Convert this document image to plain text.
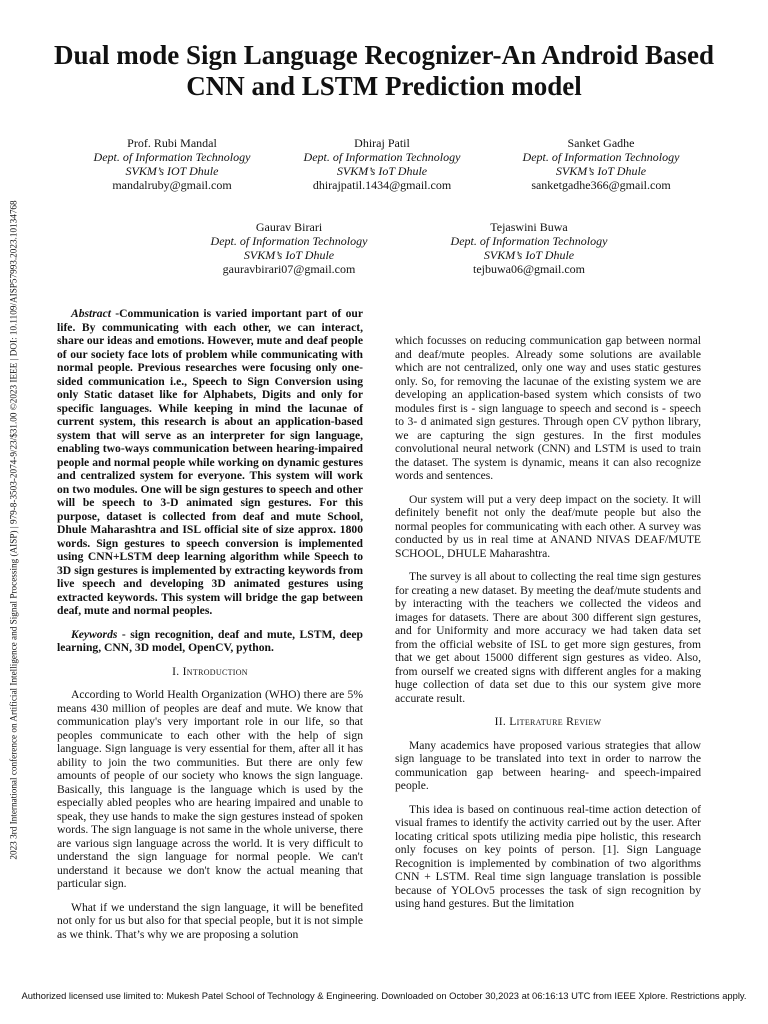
2023 3rd International conference on Artificial Intelligence and Signal Processing (AISP) | 979-8-3503-2074-9/23/$31.00 ©2023 IEEE | DOI: 10.1109/AISP57993.2023.10134768
Dual mode Sign Language Recognizer-An Android Based CNN and LSTM Prediction model
Prof. Rubi Mandal
Dept. of Information Technology
SVKM’s IOT Dhule
mandalruby@gmail.com
Dhiraj Patil
Dept. of Information Technology
SVKM’s IoT Dhule
dhirajpatil.1434@gmail.com
Sanket Gadhe
Dept. of Information Technology
SVKM’s IoT Dhule
sanketgadhe366@gmail.com
Gaurav Birari
Dept. of Information Technology
SVKM’s IoT Dhule
gauravbirari07@gmail.com
Tejaswini Buwa
Dept. of Information Technology
SVKM’s IoT Dhule
tejbuwa06@gmail.com

Abstract -Communication is varied important part of our life. By communicating with each other, we can interact, share our ideas and emotions. However, mute and deaf people of our society face lots of problem while communicating with normal people. Previous researches were focusing only one-sided communication i.e., Speech to Sign Conversion using only Static dataset like for Alphabets, Digits and only for specific languages. While keeping in mind the lacunae of current system, this research is about an application-based system that will serve as an interpreter for sign language, enabling two-ways communication between hearing-impaired people and normal people while working on dynamic gestures and centralized system for everyone. This system will work on two modules. One will be sign gestures to speech and other will be speech to 3-D animated sign gestures. For this purpose, dataset is collected from deaf and mute School, Dhule Maharashtra and ISL official site of size approx. 1800 words. Sign gestures to speech conversion is implemented using CNN+LSTM deep learning algorithm while Speech to 3D sign gestures is implemented by extracting keywords from live speech and developing 3D animated gestures using extracted keywords. This system will bridge the gap between deaf, mute and normal peoples.

Keywords - sign recognition, deaf and mute, LSTM, deep learning, CNN, 3D model, OpenCV, python.

I. Introduction

According to World Health Organization (WHO) there are 5% means 430 million of peoples are deaf and mute. We know that communication play's very important role in our life, so that peoples communicate to each other with the help of sign language. Sign language is very essential for them, after all it has ability to join the two communities. But there are only few amounts of people of our society who knows the sign language. Basically, this language is the language which is used by the especially abled peoples who are hearing impaired and unable to speak, they use hands to make the sign gestures instead of spoken words. The sign language is not same in the whole universe, there are various sign language across the world. It is very difficult to understand the sign language for normal people. We can't understand it because we don't know the actual meaning that particular sign.

What if we understand the sign language, it will be benefited not only for us but also for that special people, but it is not simple as we think. That’s why we are proposing a solution

which focusses on reducing communication gap between normal and deaf/mute peoples. Already some solutions are available which are not centralized, only one way and uses static gestures only. So, for removing the lacunae of the existing system we are developing an application-based system which consists of two modules first is - sign language to speech and second is - speech to 3- d animated sign gestures. Through open CV python library, we are capturing the sign gestures. In the first modules convolutional neural network (CNN) and LSTM is used to train the dataset. The system is dynamic, means it can also recognize words and sentences.

Our system will put a very deep impact on the society. It will definitely benefit not only the deaf/mute people but also the normal peoples for communicating with each other. A survey was conducted by us in real time at ANAND NIVAS DEAF/MUTE SCHOOL, DHULE Maharashtra.

The survey is all about to collecting the real time sign gestures for creating a new dataset. By meeting the deaf/mute students and by interacting with the teachers we collected the videos and images for datasets. There are about 300 different sign gestures, and for Uniformity and more accuracy we had taken data set from the official website of ISL to get more sign gestures, from that we get about 15000 different sign gestures as video. Also, from ourself we created signs with different angles for a making huge collection of data set due to this our system give more accurate result.

II. Literature Review

Many academics have proposed various strategies that allow sign language to be translated into text in order to narrow the communication gap between hearing- and speech-impaired people.

This idea is based on continuous real-time action detection of visual frames to identify the activity carried out by the user. After locating critical spots utilizing media pipe holistic, this research only focuses on key points of person. [1]. Sign Language Recognition is implemented by combination of two algorithms CNN + LSTM. Real time sign language translation is possible because of YOLOv5 processes the task of sign recognition by using hand gestures. But the limitation

Authorized licensed use limited to: Mukesh Patel School of Technology & Engineering. Downloaded on October 30,2023 at 06:16:13 UTC from IEEE Xplore. Restrictions apply.
